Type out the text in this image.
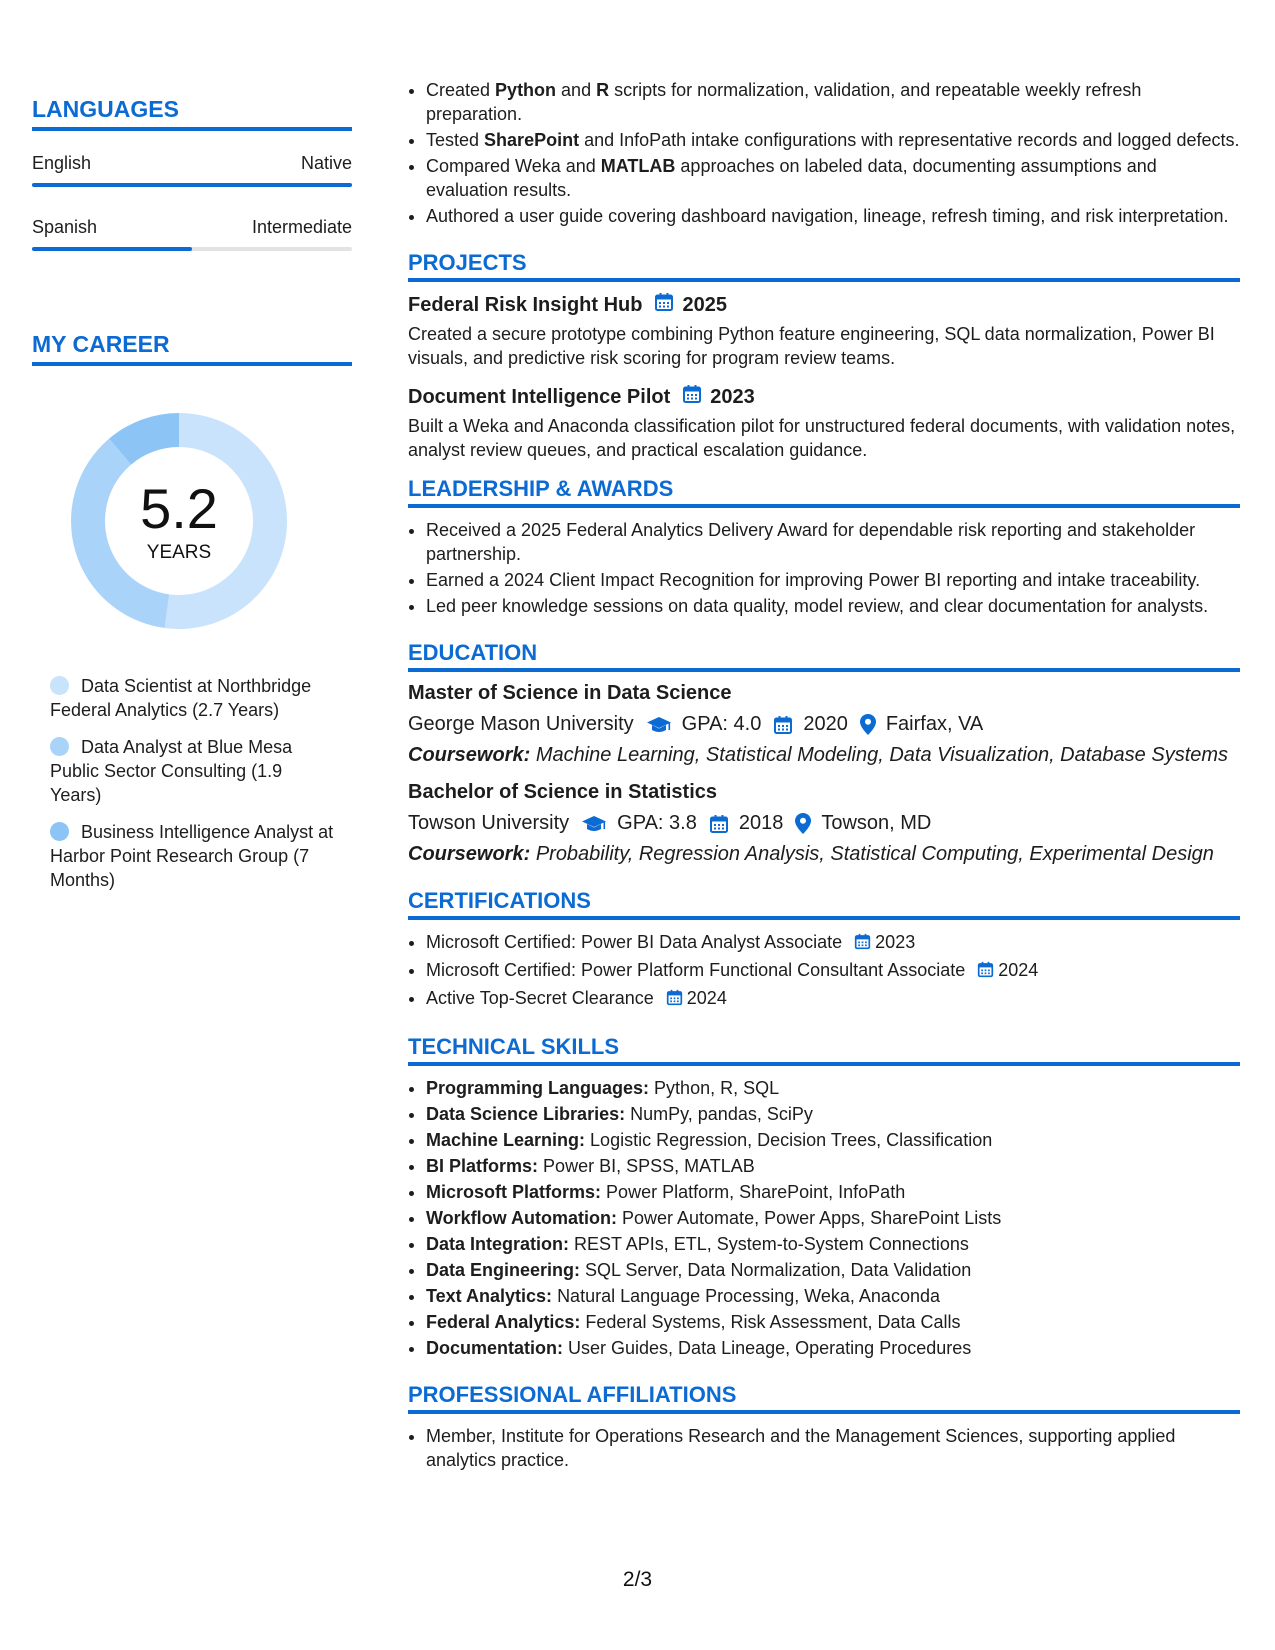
LANGUAGES
English	Native
Spanish	Intermediate
MY CAREER
5.2
YEARS
Data Scientist at Northbridge Federal Analytics (2.7 Years)
Data Analyst at Blue Mesa Public Sector Consulting (1.9 Years)
Business Intelligence Analyst at Harbor Point Research Group (7 Months)
• Created Python and R scripts for normalization, validation, and repeatable weekly refresh preparation.
• Tested SharePoint and InfoPath intake configurations with representative records and logged defects.
• Compared Weka and MATLAB approaches on labeled data, documenting assumptions and evaluation results.
• Authored a user guide covering dashboard navigation, lineage, refresh timing, and risk interpretation.
PROJECTS
Federal Risk Insight Hub 2025
Created a secure prototype combining Python feature engineering, SQL data normalization, Power BI visuals, and predictive risk scoring for program review teams.
Document Intelligence Pilot 2023
Built a Weka and Anaconda classification pilot for unstructured federal documents, with validation notes, analyst review queues, and practical escalation guidance.
LEADERSHIP & AWARDS
• Received a 2025 Federal Analytics Delivery Award for dependable risk reporting and stakeholder partnership.
• Earned a 2024 Client Impact Recognition for improving Power BI reporting and intake traceability.
• Led peer knowledge sessions on data quality, model review, and clear documentation for analysts.
EDUCATION
Master of Science in Data Science
George Mason University GPA: 4.0 2020 Fairfax, VA
Coursework: Machine Learning, Statistical Modeling, Data Visualization, Database Systems
Bachelor of Science in Statistics
Towson University GPA: 3.8 2018 Towson, MD
Coursework: Probability, Regression Analysis, Statistical Computing, Experimental Design
CERTIFICATIONS
• Microsoft Certified: Power BI Data Analyst Associate 2023
• Microsoft Certified: Power Platform Functional Consultant Associate 2024
• Active Top-Secret Clearance 2024
TECHNICAL SKILLS
• Programming Languages: Python, R, SQL
• Data Science Libraries: NumPy, pandas, SciPy
• Machine Learning: Logistic Regression, Decision Trees, Classification
• BI Platforms: Power BI, SPSS, MATLAB
• Microsoft Platforms: Power Platform, SharePoint, InfoPath
• Workflow Automation: Power Automate, Power Apps, SharePoint Lists
• Data Integration: REST APIs, ETL, System-to-System Connections
• Data Engineering: SQL Server, Data Normalization, Data Validation
• Text Analytics: Natural Language Processing, Weka, Anaconda
• Federal Analytics: Federal Systems, Risk Assessment, Data Calls
• Documentation: User Guides, Data Lineage, Operating Procedures
PROFESSIONAL AFFILIATIONS
• Member, Institute for Operations Research and the Management Sciences, supporting applied analytics practice.
2/3
